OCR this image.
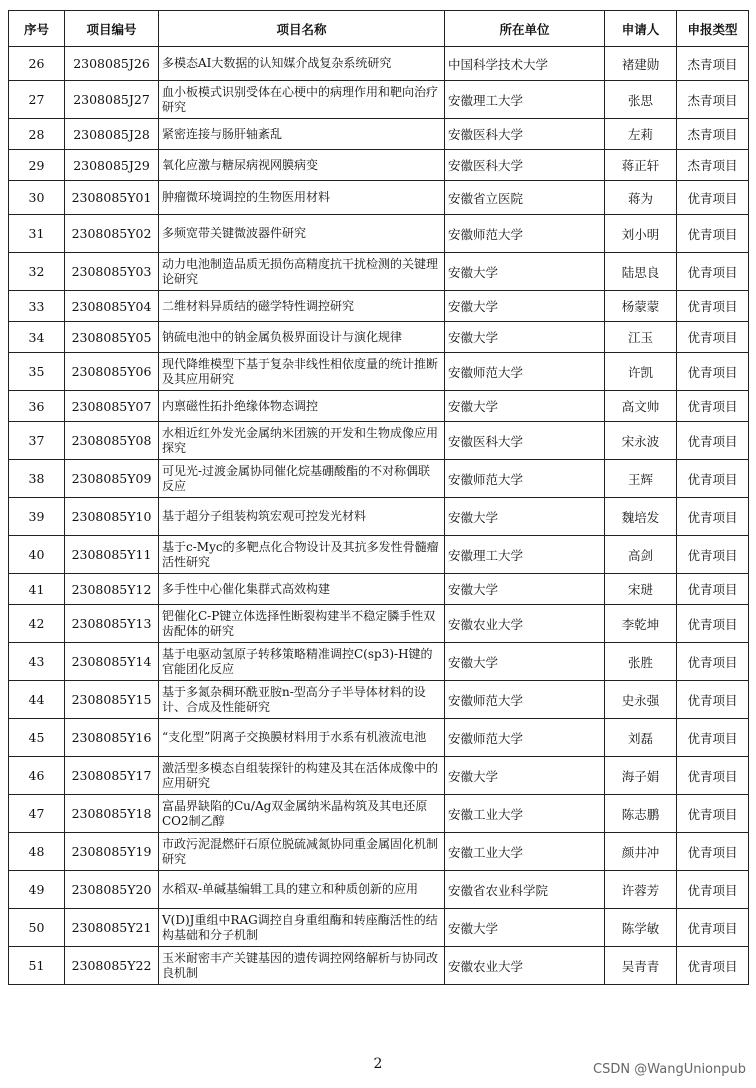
序号	项目编号	项目名称	所在单位	申请人	申报类型
26	2308085J26	多模态AI大数据的认知媒介战复杂系统研究	中国科学技术大学	褚建勋	杰青项目
27	2308085J27	血小板模式识别受体在心梗中的病理作用和靶向治疗研究	安徽理工大学	张思	杰青项目
28	2308085J28	紧密连接与肠肝轴紊乱	安徽医科大学	左莉	杰青项目
29	2308085J29	氧化应激与糖尿病视网膜病变	安徽医科大学	蒋正轩	杰青项目
30	2308085Y01	肿瘤微环境调控的生物医用材料	安徽省立医院	蒋为	优青项目
31	2308085Y02	多频宽带关键微波器件研究	安徽师范大学	刘小明	优青项目
32	2308085Y03	动力电池制造品质无损伤高精度抗干扰检测的关键理论研究	安徽大学	陆思良	优青项目
33	2308085Y04	二维材料异质结的磁学特性调控研究	安徽大学	杨蒙蒙	优青项目
34	2308085Y05	钠硫电池中的钠金属负极界面设计与演化规律	安徽大学	江玉	优青项目
35	2308085Y06	现代降维模型下基于复杂非线性相依度量的统计推断及其应用研究	安徽师范大学	许凯	优青项目
36	2308085Y07	内禀磁性拓扑绝缘体物态调控	安徽大学	高文帅	优青项目
37	2308085Y08	水相近红外发光金属纳米团簇的开发和生物成像应用探究	安徽医科大学	宋永波	优青项目
38	2308085Y09	可见光-过渡金属协同催化烷基硼酸酯的不对称偶联反应	安徽师范大学	王辉	优青项目
39	2308085Y10	基于超分子组装构筑宏观可控发光材料	安徽大学	魏培发	优青项目
40	2308085Y11	基于c-Myc的多靶点化合物设计及其抗多发性骨髓瘤活性研究	安徽理工大学	高剑	优青项目
41	2308085Y12	多手性中心催化集群式高效构建	安徽大学	宋琎	优青项目
42	2308085Y13	钯催化C-P键立体选择性断裂构建半不稳定膦手性双齿配体的研究	安徽农业大学	李乾坤	优青项目
43	2308085Y14	基于电驱动氢原子转移策略精准调控C(sp3)-H键的官能团化反应	安徽大学	张胜	优青项目
44	2308085Y15	基于多氮杂稠环酰亚胺n-型高分子半导体材料的设计、合成及性能研究	安徽师范大学	史永强	优青项目
45	2308085Y16	“支化型”阴离子交换膜材料用于水系有机液流电池	安徽师范大学	刘磊	优青项目
46	2308085Y17	激活型多模态自组装探针的构建及其在活体成像中的应用研究	安徽大学	海子娟	优青项目
47	2308085Y18	富晶界缺陷的Cu/Ag双金属纳米晶构筑及其电还原CO2制乙醇	安徽工业大学	陈志鹏	优青项目
48	2308085Y19	市政污泥混燃矸石原位脱硫减氮协同重金属固化机制研究	安徽工业大学	颜井冲	优青项目
49	2308085Y20	水稻双-单碱基编辑工具的建立和种质创新的应用	安徽省农业科学院	许蓉芳	优青项目
50	2308085Y21	V(D)J重组中RAG调控自身重组酶和转座酶活性的结构基础和分子机制	安徽大学	陈学敏	优青项目
51	2308085Y22	玉米耐密丰产关键基因的遗传调控网络解析与协同改良机制	安徽农业大学	吴青青	优青项目
2	CSDN @WangUnionpub
